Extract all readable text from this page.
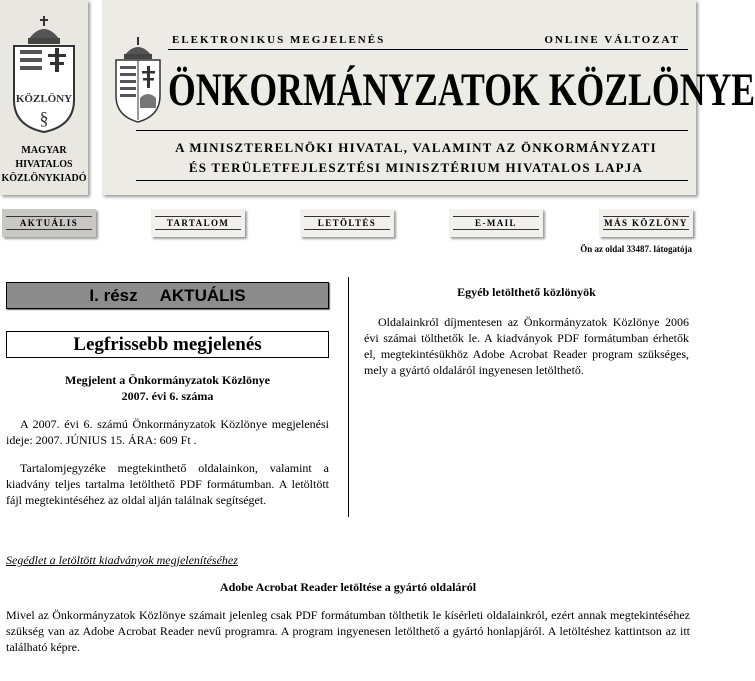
KÖZLÖNY
§
MAGYAR
HIVATALOS
KÖZLÖNYKIADÓ
ELEKTRONIKUS MEGJELENÉS	ONLINE VÁLTOZAT
ÖNKORMÁNYZATOK KÖZLÖNYE
A MINISZTERELNÖKI HIVATAL, VALAMINT AZ ÖNKORMÁNYZATI
ÉS TERÜLETFEJLESZTÉSI MINISZTÉRIUM HIVATALOS LAPJA
AKTUÁLIS	TARTALOM	LETÖLTÉS	E-MAIL	MÁS KÖZLÖNY
Ön az oldal 33487. látogatója
I. rész AKTUÁLIS
Legfrissebb megjelenés
Megjelent a Önkormányzatok Közlönye
2007. évi 6. száma

A 2007. évi 6. számú Önkormányzatok Közlönye megjelenési ideje: 2007. JÚNIUS 15. ÁRA: 609 Ft .

Tartalomjegyzéke megtekinthető oldalainkon, valamint a kiadvány teljes tartalma letölthető PDF formátumban. A letöltött fájl megtekintéséhez az oldal alján találnak segítséget.

Egyéb letölthető közlönyök

Oldalainkról díjmentesen az Önkormányzatok Közlönye 2006 évi számai tölthetők le. A kiadványok PDF formátumban érhetők el, megtekintésükhöz Adobe Acrobat Reader program szükséges, mely a gyártó oldaláról ingyenesen letölthető.

Segédlet a letöltött kiadványok megjelenítéséhez
Adobe Acrobat Reader letöltése a gyártó oldaláról

Mivel az Önkormányzatok Közlönye számait jelenleg csak PDF formátumban tölthetik le kísérleti oldalainkról, ezért annak megtekintéséhez szükség van az Adobe Acrobat Reader nevű programra. A program ingyenesen letölthető a gyártó honlapjáról. A letöltéshez kattintson az itt található képre.
